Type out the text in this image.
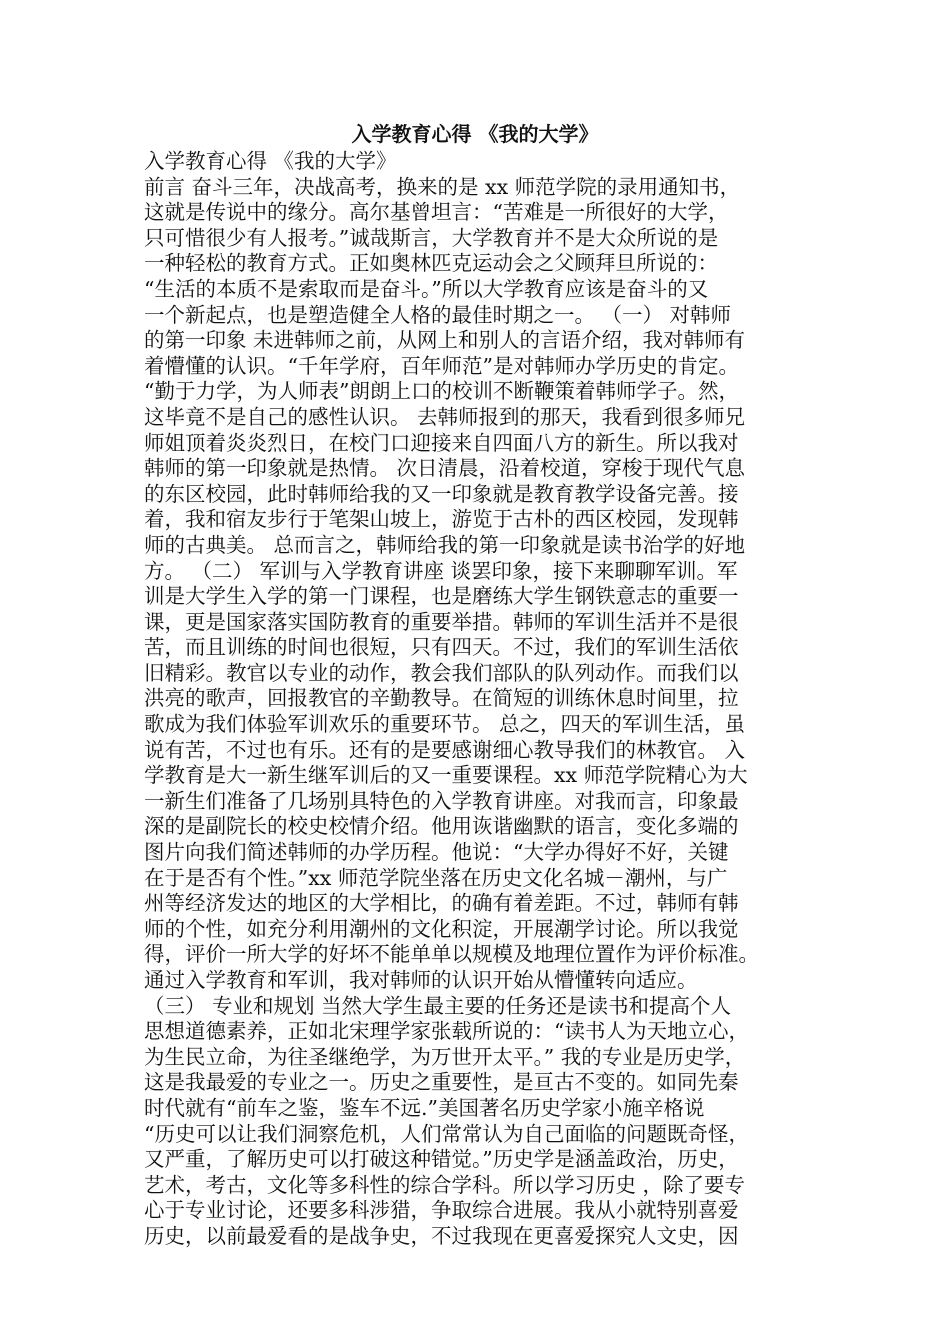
入学教育心得 《我的大学》
入学教育心得 《我的大学》
前言 奋斗三年，决战高考，换来的是 xx 师范学院的录用通知书，
这就是传说中的缘分。高尔基曾坦言：“苦难是一所很好的大学，
只可惜很少有人报考。”诚哉斯言，大学教育并不是大众所说的是
一种轻松的教育方式。正如奥林匹克运动会之父顾拜旦所说的：
“生活的本质不是索取而是奋斗。”所以大学教育应该是奋斗的又
一个新起点，也是塑造健全人格的最佳时期之一。 （一） 对韩师
的第一印象 未进韩师之前，从网上和别人的言语介绍，我对韩师有
着懵懂的认识。“千年学府，百年师范”是对韩师办学历史的肯定。
“勤于力学，为人师表”朗朗上口的校训不断鞭策着韩师学子。然，
这毕竟不是自己的感性认识。 去韩师报到的那天，我看到很多师兄
师姐顶着炎炎烈日，在校门口迎接来自四面八方的新生。所以我对
韩师的第一印象就是热情。 次日清晨，沿着校道，穿梭于现代气息
的东区校园，此时韩师给我的又一印象就是教育教学设备完善。接
着，我和宿友步行于笔架山坡上，游览于古朴的西区校园，发现韩
师的古典美。 总而言之，韩师给我的第一印象就是读书治学的好地
方。 （二） 军训与入学教育讲座 谈罢印象，接下来聊聊军训。军
训是大学生入学的第一门课程，也是磨练大学生钢铁意志的重要一
课，更是国家落实国防教育的重要举措。韩师的军训生活并不是很
苦，而且训练的时间也很短，只有四天。不过，我们的军训生活依
旧精彩。教官以专业的动作，教会我们部队的队列动作。而我们以
洪亮的歌声，回报教官的辛勤教导。在简短的训练休息时间里，拉
歌成为我们体验军训欢乐的重要环节。 总之，四天的军训生活，虽
说有苦，不过也有乐。还有的是要感谢细心教导我们的林教官。 入
学教育是大一新生继军训后的又一重要课程。xx 师范学院精心为大
一新生们准备了几场别具特色的入学教育讲座。对我而言，印象最
深的是副院长的校史校情介绍。他用诙谐幽默的语言，变化多端的
图片向我们简述韩师的办学历程。他说：“大学办得好不好，关键
在于是否有个性。”xx 师范学院坐落在历史文化名城－潮州，与广
州等经济发达的地区的大学相比，的确有着差距。不过，韩师有韩
师的个性，如充分利用潮州的文化积淀，开展潮学讨论。所以我觉
得，评价一所大学的好坏不能单单以规模及地理位置作为评价标准。
通过入学教育和军训，我对韩师的认识开始从懵懂转向适应。
（三） 专业和规划 当然大学生最主要的任务还是读书和提高个人
思想道德素养，正如北宋理学家张载所说的：“读书人为天地立心，
为生民立命，为往圣继绝学，为万世开太平。” 我的专业是历史学，
这是我最爱的专业之一。历史之重要性，是亘古不变的。如同先秦
时代就有“前车之鉴，鉴车不远.”美国著名历史学家小施辛格说
“历史可以让我们洞察危机，人们常常认为自己面临的问题既奇怪，
又严重，了解历史可以打破这种错觉。”历史学是涵盖政治，历史，
艺术，考古，文化等多科性的综合学科。所以学习历史 ，除了要专
心于专业讨论，还要多科涉猎，争取综合进展。我从小就特别喜爱
历史，以前最爱看的是战争史，不过我现在更喜爱探究人文史，因
